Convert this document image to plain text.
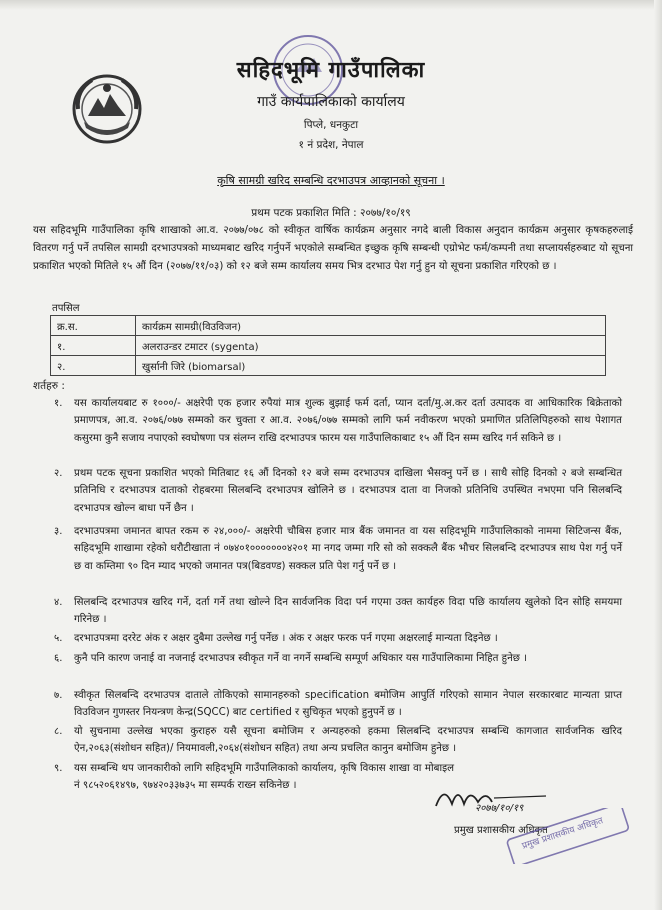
सहिदभूमि गाउँपालिका
गाउँ कार्यपालिकाको कार्यालय
पिप्ले, धनकुटा
१ नं प्रदेश, नेपाल
कृषि सामग्री खरिद सम्बन्धि दरभाउपत्र आव्हानको सूचना ।
प्रथम पटक प्रकाशित मिति : २०७७/१०/१९
यस सहिदभूमि गाउँपालिका कृषि शाखाको आ.व. २०७७/०७८ को स्वीकृत वार्षिक कार्यक्रम अनुसार नगदे बाली विकास अनुदान कार्यक्रम अनुसार कृषकहरुलाई वितरण गर्नु पर्ने तपसिल सामग्री दरभाउपत्रको माध्यमबाट खरिद गर्नुपर्ने भएकोले सम्बन्धित इच्छुक कृषि सम्बन्धी एग्रोभेट फर्म/कम्पनी तथा सप्लायर्सहरुबाट यो सूचना प्रकाशित भएको मितिले १५ औं दिन (२०७७/११/०३) को १२ बजे सम्म कार्यालय समय भित्र दरभाउ पेश गर्नु हुन यो सूचना प्रकाशित गरिएको छ ।
तपसिल
क्र.स.	कार्यक्रम सामग्री(विउविजन)
१.	अलराउन्डर टमाटर (sygenta)
२.	खुर्सानी जिरे (biomarsal)
शर्तहरु :
१. यस कार्यालयबाट रु १०००/- अक्षरेपी एक हजार रुपैयां मात्र शुल्क बुझाई फर्म दर्ता, प्यान दर्ता/मु.अ.कर दर्ता उत्पादक वा आधिकारिक बिक्रेताको प्रमाणपत्र, आ.व. २०७६/०७७ सम्मको कर चुक्ता र आ.व. २०७६/०७७ सम्मको लागि फर्म नवीकरण भएको प्रमाणित प्रतिलिपिहरुको साथ पेशागत कसुरमा कुनै सजाय नपाएको स्वघोषणा पत्र संलग्न राखि दरभाउपत्र फारम यस गाउँपालिकाबाट १५ औं दिन सम्म खरिद गर्न सकिने छ ।
२. प्रथम पटक सूचना प्रकाशित भएको मितिबाट १६ औं दिनको १२ बजे सम्म दरभाउपत्र दाखिला भैसक्नु पर्ने छ । साथै सोहि दिनको २ बजे सम्बन्धित प्रतिनिधि र दरभाउपत्र दाताको रोहबरमा सिलबन्दि दरभाउपत्र खोलिने छ । दरभाउपत्र दाता वा निजको प्रतिनिधि उपस्थित नभएमा पनि सिलबन्दि दरभाउपत्र खोल्न बाधा पर्ने छैन ।
३. दरभाउपत्रमा जमानत बापत रकम रु २४,०००/- अक्षरेपी चौबिस हजार मात्र बैंक जमानत वा यस सहिदभूमि गाउँपालिकाको नाममा सिटिजन्स बैंक, सहिदभूमि शाखामा रहेको धरौटीखाता नं ०७४०१०००००००४२०१ मा नगद जम्मा गरि सो को सक्कलै बैंक भौचर सिलबन्दि दरभाउपत्र साथ पेश गर्नु पर्ने छ वा कम्तिमा ९० दिन म्याद भएको जमानत पत्र(बिडवण्ड) सक्कल प्रति पेश गर्नु पर्ने छ ।
४. सिलबन्दि दरभाउपत्र खरिद गर्ने, दर्ता गर्ने तथा खोल्ने दिन सार्वजनिक विदा पर्न गएमा उक्त कार्यहरु विदा पछि कार्यालय खुलेको दिन सोहि समयमा गरिनेछ ।
५. दरभाउपत्रमा दररेट अंक र अक्षर दुबैमा उल्लेख गर्नु पर्नेछ । अंक र अक्षर फरक पर्न गएमा अक्षरलाई मान्यता दिइनेछ ।
६. कुनै पनि कारण जनाई वा नजनाई दरभाउपत्र स्वीकृत गर्ने वा नगर्ने सम्बन्धि सम्पूर्ण अधिकार यस गाउँपालिकामा निहित हुनेछ ।
७. स्वीकृत सिलबन्दि दरभाउपत्र दाताले तोकिएको सामानहरुको specification बमोजिम आपुर्ति गरिएको सामान नेपाल सरकारबाट मान्यता प्राप्त विउविजन गुणस्तर नियन्त्रण केन्द्र(SQCC) बाट certified र सुचिकृत भएको हुनुपर्ने छ ।
८. यो सुचनामा उल्लेख भएका कुराहरु यसै सूचना बमोजिम र अन्यहरुको हकमा सिलबन्दि दरभाउपत्र सम्बन्धि कागजात सार्वजनिक खरिद ऐन,२०६३(संशोधन सहित)/ नियमावली,२०६४(संशोधन सहित) तथा अन्य प्रचलित कानुन बमोजिम हुनेछ ।
९. यस सम्बन्धि थप जानकारीको लागि सहिदभूमि गाउँपालिकाको कार्यालय, कृषि विकास शाखा वा मोबाइल नं ९८५२०६१४९७, ९७४२०३३७३५ मा सम्पर्क राख्न सकिनेछ ।
२०७७/१०/१९
प्रमुख प्रशासकीय अधिकृत
प्रमुख प्रशासकीय अधिकृत
